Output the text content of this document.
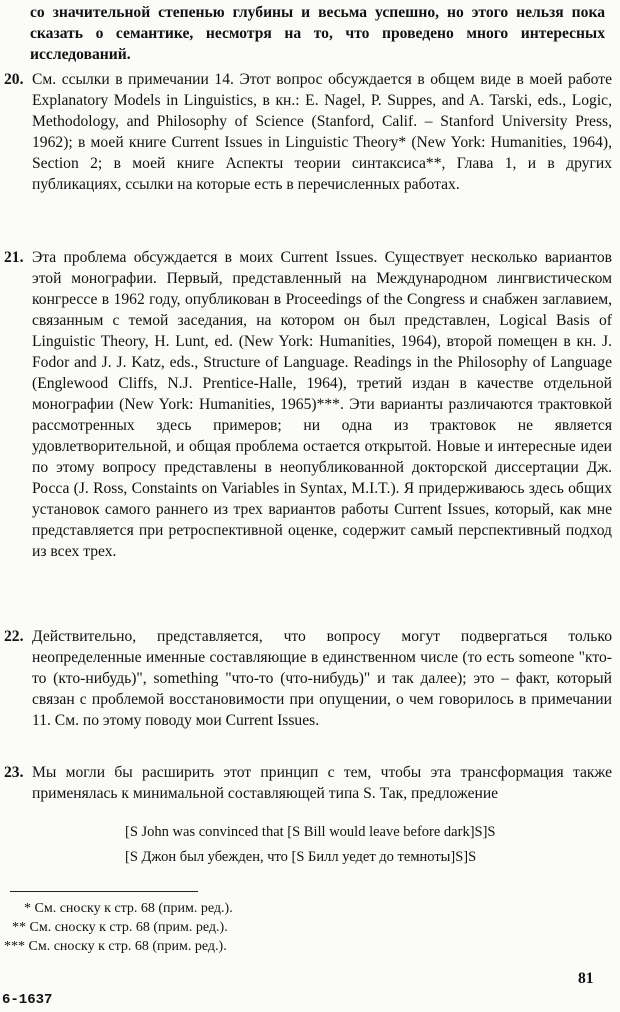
со значительной степенью глубины и весьма успешно, но этого нельзя пока сказать о семантике, несмотря на то, что проведено много интересных исследований.
20. См. ссылки в примечании 14. Этот вопрос обсуждается в общем виде в моей работе Explanatory Models in Linguistics, в кн.: E. Nagel, P. Suppes, and A. Tarski, eds., Logic, Methodology, and Philosophy of Science (Stanford, Calif. – Stanford University Press, 1962); в моей книге Current Issues in Linguistic Theory* (New York: Humanities, 1964), Section 2; в моей книге Аспекты теории синтаксиса**, Глава 1, и в других публикациях, ссылки на которые есть в перечисленных работах.
21. Эта проблема обсуждается в моих Current Issues. Существует несколько вариантов этой монографии. Первый, представленный на Международном лингвистическом конгрессе в 1962 году, опубликован в Proceedings of the Congress и снабжен заглавием, связанным с темой заседания, на котором он был представлен, Logical Basis of Linguistic Theory, H. Lunt, ed. (New York: Humanities, 1964), второй помещен в кн. J. Fodor and J. J. Katz, eds., Structure of Language. Readings in the Philosophy of Language (Englewood Cliffs, N.J. Prentice-Halle, 1964), третий издан в качестве отдельной монографии (New York: Humanities, 1965)***. Эти варианты различаются трактовкой рассмотренных здесь примеров; ни одна из трактовок не является удовлетворительной, и общая проблема остается открытой. Новые и интересные идеи по этому вопросу представлены в неопубликованной докторской диссертации Дж. Росса (J. Ross, Constaints on Variables in Syntax, M.I.T.). Я придерживаюсь здесь общих установок самого раннего из трех вариантов работы Current Issues, который, как мне представляется при ретроспективной оценке, содержит самый перспективный подход из всех трех.
22. Действительно, представляется, что вопросу могут подвергаться только неопределенные именные составляющие в единственном числе (то есть someone "кто-то (кто-нибудь)", something "что-то (что-нибудь)" и так далее); это – факт, который связан с проблемой восстановимости при опущении, о чем говорилось в примечании 11. См. по этому поводу мои Current Issues.
23. Мы могли бы расширить этот принцип с тем, чтобы эта трансформация также применялась к минимальной составляющей типа S. Так, предложение
[S John was convinced that [S Bill would leave before dark]S]S
[S Джон был убежден, что [S Билл уедет до темноты]S]S
* См. сноску к стр. 68 (прим. ред.).
** См. сноску к стр. 68 (прим. ред.).
*** См. сноску к стр. 68 (прим. ред.).
81
6-1637
